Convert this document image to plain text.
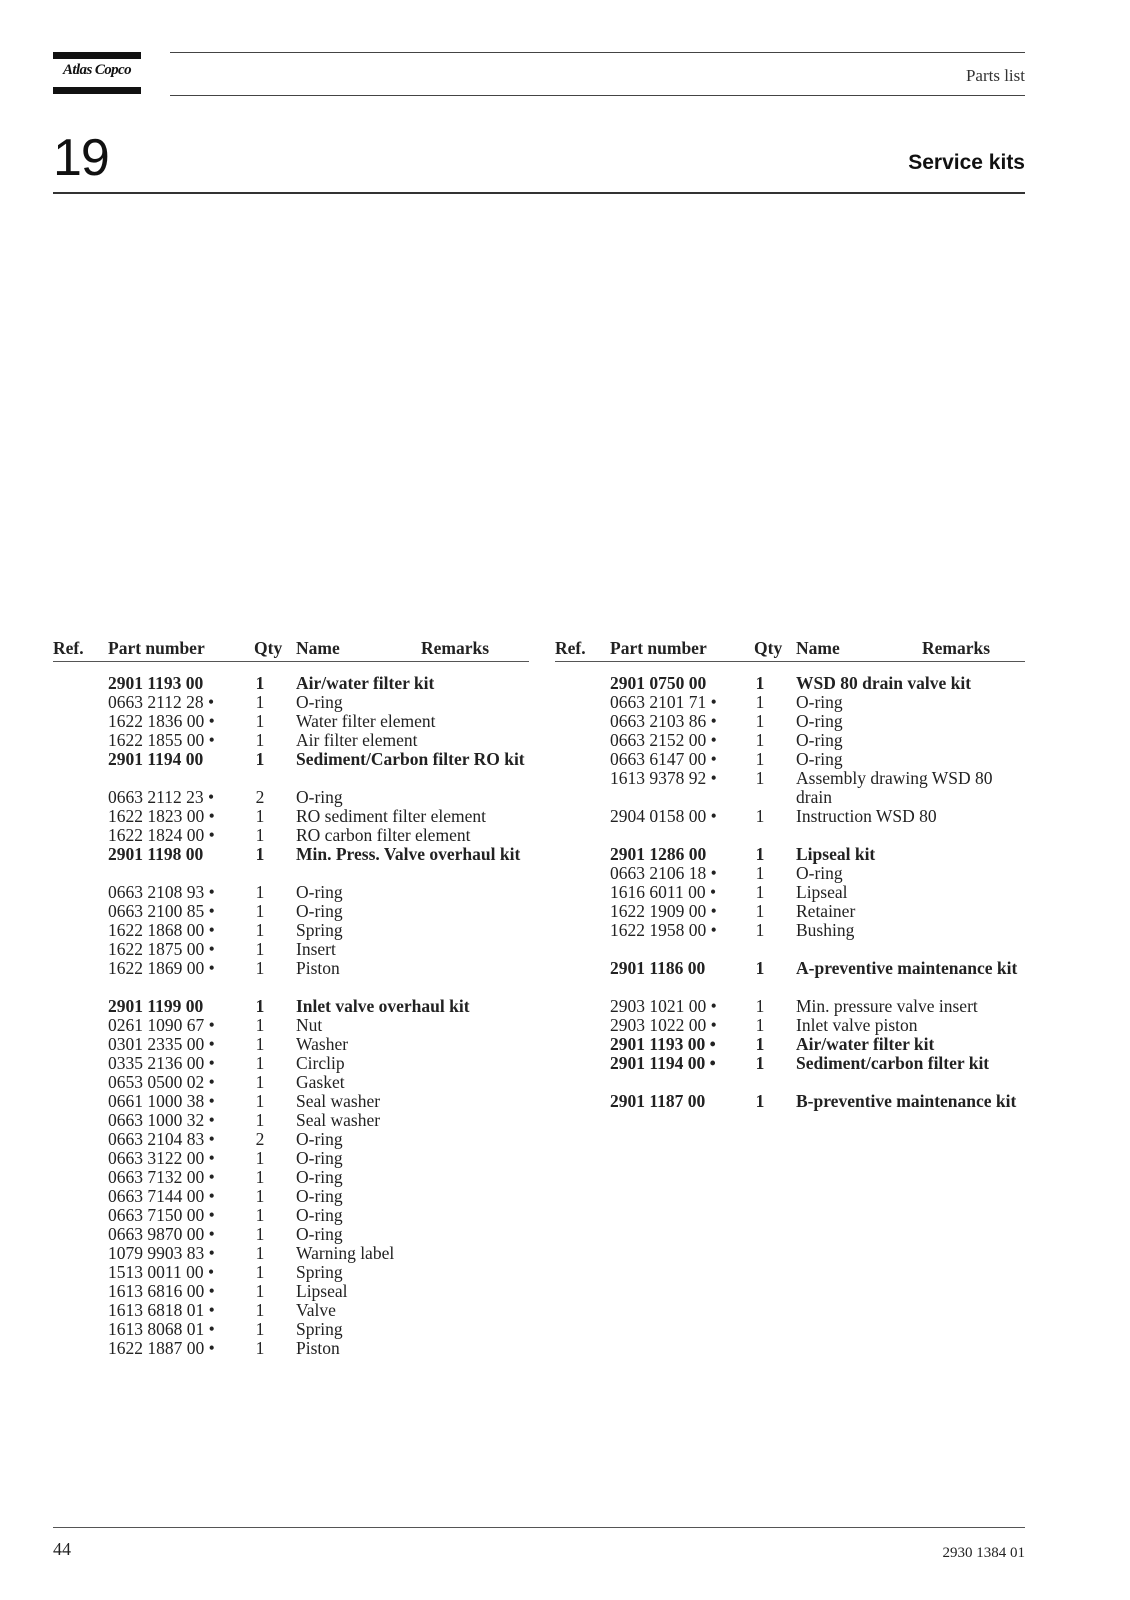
Atlas Copco	Parts list
19	Service kits
Ref. Part number	Qty Name	Remarks
2901 1193 00	1 Air/water filter kit
0663 2112 28 • 1 O-ring
1622 1836 00 • 1 Water filter element
1622 1855 00 • 1 Air filter element
2901 1194 00	1 Sediment/Carbon filter RO kit
0663 2112 23 • 2 O-ring
1622 1823 00 • 1 RO sediment filter element
1622 1824 00 • 1 RO carbon filter element
2901 1198 00	1 Min. Press. Valve overhaul kit
0663 2108 93 • 1 O-ring
0663 2100 85 • 1 O-ring
1622 1868 00 • 1 Spring
1622 1875 00 • 1 Insert
1622 1869 00 • 1 Piston
2901 1199 00	1 Inlet valve overhaul kit
0261 1090 67 • 1 Nut
0301 2335 00 • 1 Washer
0335 2136 00 • 1 Circlip
0653 0500 02 • 1 Gasket
0661 1000 38 • 1 Seal washer
0663 1000 32 • 1 Seal washer
0663 2104 83 • 2 O-ring
0663 3122 00 • 1 O-ring
0663 7132 00 • 1 O-ring
0663 7144 00 • 1 O-ring
0663 7150 00 • 1 O-ring
0663 9870 00 • 1 O-ring
1079 9903 83 • 1 Warning label
1513 0011 00 • 1 Spring
1613 6816 00 • 1 Lipseal
1613 6818 01 • 1 Valve
1613 8068 01 • 1 Spring
1622 1887 00 • 1 Piston
Ref. Part number	Qty Name	Remarks
2901 0750 00	1 WSD 80 drain valve kit
0663 2101 71 • 1 O-ring
0663 2103 86 • 1 O-ring
0663 2152 00 • 1 O-ring
0663 6147 00 • 1 O-ring
1613 9378 92 • 1 Assembly drawing WSD 80 drain
2904 0158 00 • 1 Instruction WSD 80
2901 1286 00	1 Lipseal kit
0663 2106 18 • 1 O-ring
1616 6011 00 • 1 Lipseal
1622 1909 00 • 1 Retainer
1622 1958 00 • 1 Bushing
2901 1186 00	1 A-preventive maintenance kit
2903 1021 00 • 1 Min. pressure valve insert
2903 1022 00 • 1 Inlet valve piston
2901 1193 00 • 1 Air/water filter kit
2901 1194 00 • 1 Sediment/carbon filter kit
2901 1187 00	1 B-preventive maintenance kit
44	2930 1384 01
